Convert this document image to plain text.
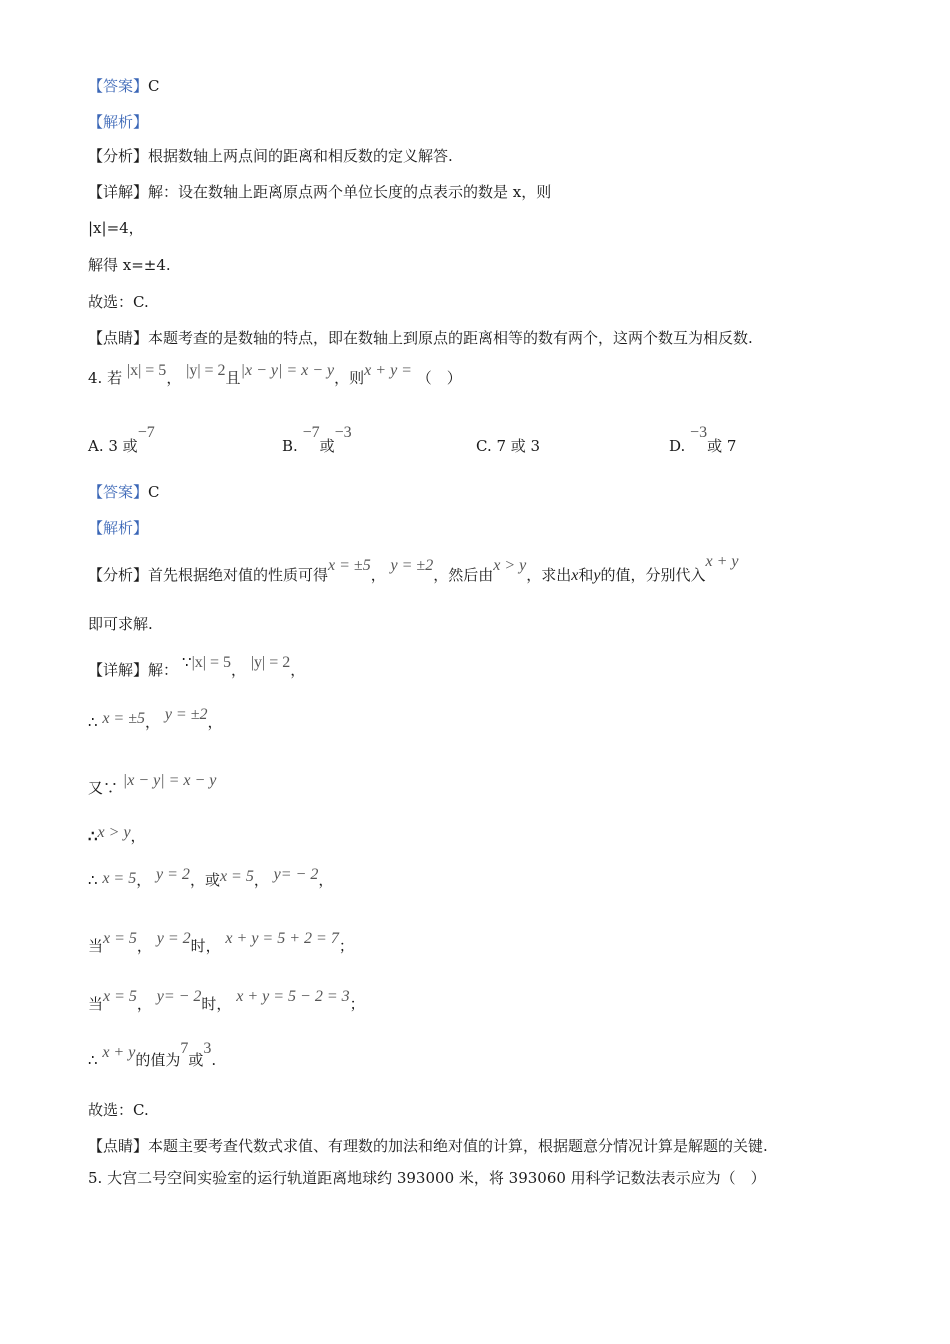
【答案】C
【解析】
【分析】根据数轴上两点间的距离和相反数的定义解答.
【详解】解：设在数轴上距离原点两个单位长度的点表示的数是 x，则
|x|=4，
解得 x=±4.
故选：C.
【点睛】本题考查的是数轴的特点，即在数轴上到原点的距离相等的数有两个，这两个数互为相反数.
4. 若 |x| = 5， |y| = 2且|x − y| = x − y，则x + y = （　）
A. 3 或−7
B. −7或−3
C. 7 或 3	D. −3或 7
【答案】C
【解析】
【分析】首先根据绝对值的性质可得x = ±5， y = ±2，然后由x > y，求出x和y的值，分别代入x + y
即可求解.
【详解】解： ∵|x| = 5， |y| = 2，
∴ x = ±5， y = ±2，
又∵ |x − y| = x − y
∴x > y，
∴ x = 5， y = 2，或x = 5， y= − 2，
当x = 5， y = 2时， x + y = 5 + 2 = 7；
当x = 5， y= − 2时， x + y = 5 − 2 = 3；
∴ x + y的值为7或3.
故选：C.
【点睛】本题主要考查代数式求值、有理数的加法和绝对值的计算，根据题意分情况计算是解题的关键.
5. 大宫二号空间实验室的运行轨道距离地球约 393000 米，将 393060 用科学记数法表示应为（　）
